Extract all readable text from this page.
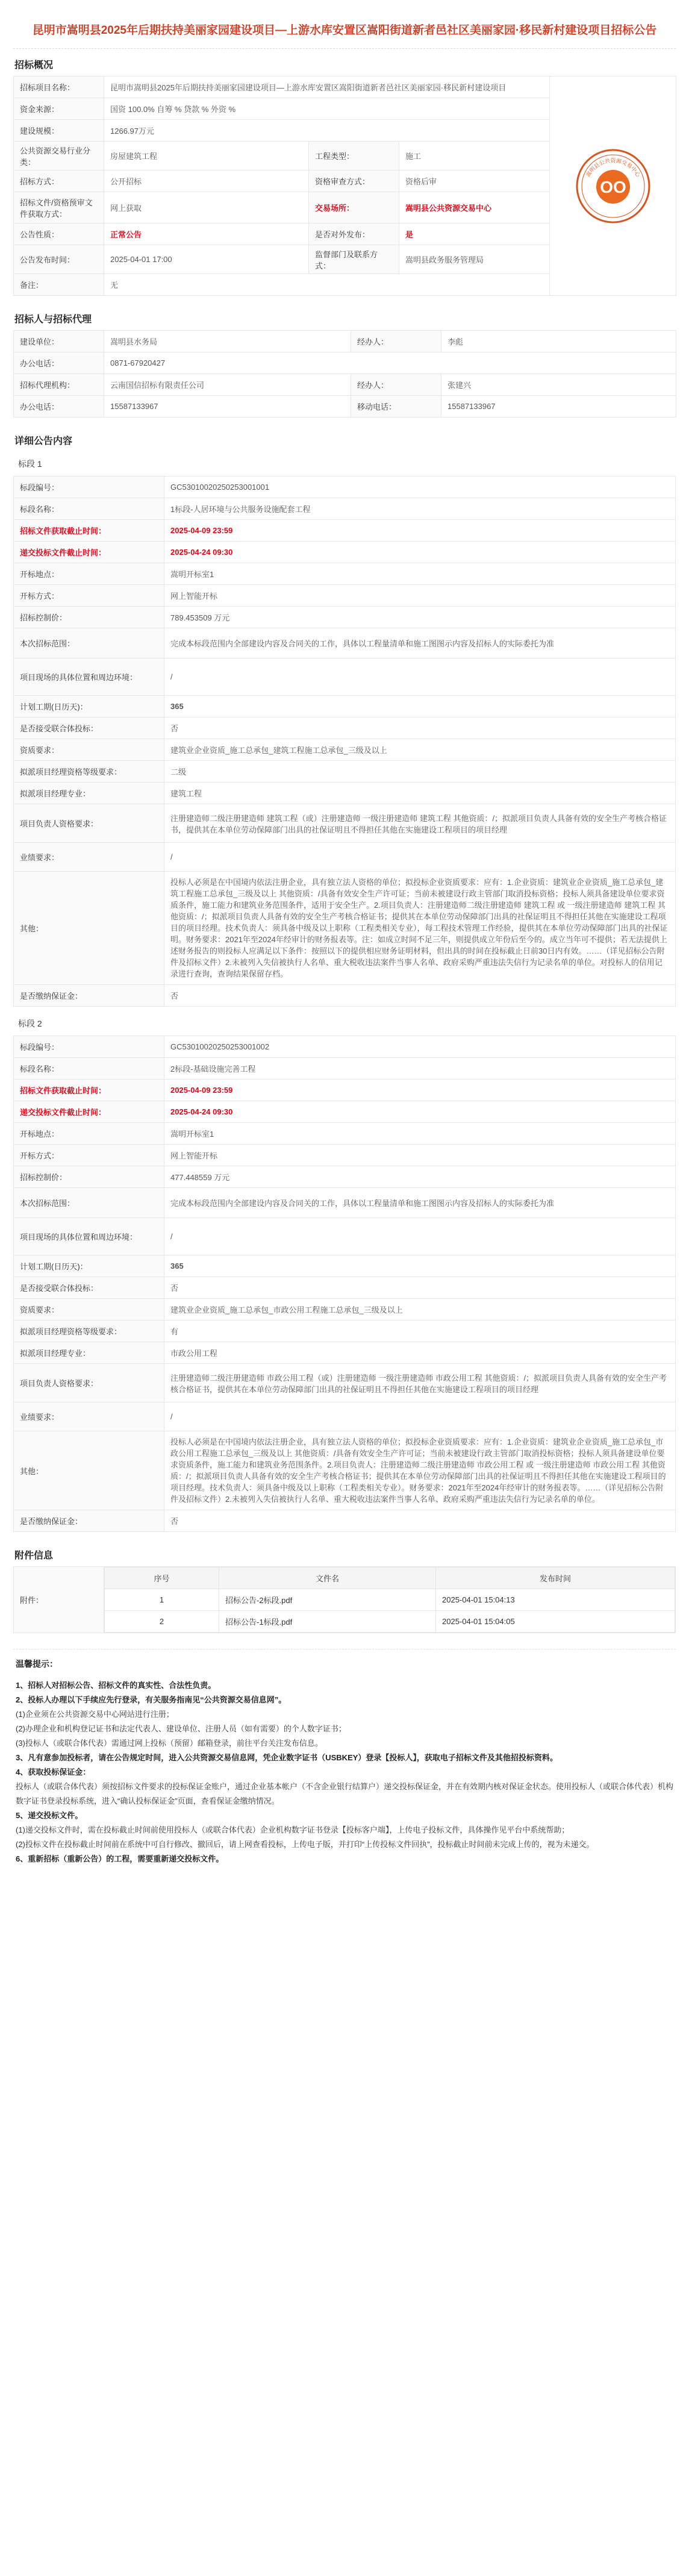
昆明市嵩明县2025年后期扶持美丽家园建设项目—上游水库安置区嵩阳街道新者邑社区美丽家园·移民新村建设项目招标公告
招标概况
招标项目名称：	昆明市嵩明县2025年后期扶持美丽家园建设项目—上游水库安置区嵩阳街道新者邑社区美丽家园·移民新村建设项目			OO
嵩明县公共资源交易中心

资金来源：	国资 100.0% 自筹 % 贷款 % 外资 %			
建设规模：	1266.97万元			
公共资源交易行业分类：	房屋建筑工程	工程类型：	施工	
招标方式：	公开招标	资格审查方式：	资格后审	
招标文件/资格预审文件获取方式：	网上获取	交易场所：	嵩明县公共资源交易中心	
公告性质：	正常公告	是否对外发布：	是	
公告发布时间：	2025-04-01 17:00	监督部门及联系方式：	嵩明县政务服务管理局	
备注：	无			
招标人与招标代理
建设单位：	嵩明县水务局	经办人：	李彪
办公电话：	0871-67920427		
招标代理机构：	云南国信招标有限责任公司	经办人：	张建兴
办公电话：	15587133967	移动电话：	15587133967
详细公告内容
标段 1
标段编号：	GC53010020250253001001
标段名称：	1标段-人居环境与公共服务设施配套工程
招标文件获取截止时间：	2025-04-09 23:59
递交投标文件截止时间：	2025-04-24 09:30
开标地点：	嵩明开标室1
开标方式：	网上智能开标
招标控制价：	789.453509 万元
本次招标范围：	完成本标段范围内全部建设内容及合同关的工作，具体以工程量清单和施工图图示内容及招标人的实际委托为准
项目现场的具体位置和周边环境：	/
计划工期(日历天)：	365
是否接受联合体投标：	否
资质要求：	建筑业企业资质_施工总承包_建筑工程施工总承包_三级及以上
拟派项目经理资格等级要求：	二级
拟派项目经理专业：	建筑工程
项目负责人资格要求：	注册建造师二级注册建造师 建筑工程（或）注册建造师 一级注册建造师 建筑工程 其他资质：/；拟派项目负责人具备有效的安全生产考核合格证书，提供其在本单位劳动保障部门出具的社保证明且不得担任其他在实施建设工程项目的项目经理
业绩要求：	/
其他：	投标人必须是在中国境内依法注册企业，具有独立法人资格的单位；拟投标企业资质要求：应有：1.企业资质：建筑业企业资质_施工总承包_建筑工程施工总承包_三级及以上 其他资质：/具备有效安全生产许可证；当前未被建设行政主管部门取消投标资格；投标人须具备建设单位要求资质条件，施工能力和建筑业务范围条件，适用于安全生产。2.项目负责人：注册建造师二级注册建造师 建筑工程 或 一级注册建造师 建筑工程 其他资质：/；拟派项目负责人具备有效的安全生产考核合格证书；提供其在本单位劳动保障部门出具的社保证明且不得担任其他在实施建设工程项目的项目经理。技术负责人：须具备中级及以上职称（工程类相关专业），每工程技术管理工作经验，提供其在本单位劳动保障部门出具的社保证明。财务要求：2021年至2024年经审计的财务报表等。注：如成立时间不足三年，则提供成立年份后至今的。成立当年可不提供；若无法提供上述财务报告的则投标人应满足以下条件：按照以下的提供相应财务证明材料，但出具的时间在投标截止日前30日内有效。……（详见招标公告附件及招标文件）2.未被列入失信被执行人名单、重大税收违法案件当事人名单、政府采购严重违法失信行为记录名单的单位。对投标人的信用记录进行查询，查询结果保留存档。
是否缴纳保证金：	否
标段 2
标段编号：	GC53010020250253001002
标段名称：	2标段-基础设施完善工程
招标文件获取截止时间：	2025-04-09 23:59
递交投标文件截止时间：	2025-04-24 09:30
开标地点：	嵩明开标室1
开标方式：	网上智能开标
招标控制价：	477.448559 万元
本次招标范围：	完成本标段范围内全部建设内容及合同关的工作，具体以工程量清单和施工图图示内容及招标人的实际委托为准
项目现场的具体位置和周边环境：	/
计划工期(日历天)：	365
是否接受联合体投标：	否
资质要求：	建筑业企业资质_施工总承包_市政公用工程施工总承包_三级及以上
拟派项目经理资格等级要求：	有
拟派项目经理专业：	市政公用工程
项目负责人资格要求：	注册建造师二级注册建造师 市政公用工程（或）注册建造师 一级注册建造师 市政公用工程 其他资质：/；拟派项目负责人具备有效的安全生产考核合格证书，提供其在本单位劳动保障部门出具的社保证明且不得担任其他在实施建设工程项目的项目经理
业绩要求：	/
其他：	投标人必须是在中国境内依法注册企业，具有独立法人资格的单位；拟投标企业资质要求：应有：1.企业资质：建筑业企业资质_施工总承包_市政公用工程施工总承包_三级及以上 其他资质：/具备有效安全生产许可证；当前未被建设行政主管部门取消投标资格；投标人须具备建设单位要求资质条件，施工能力和建筑业务范围条件。2.项目负责人：注册建造师二级注册建造师 市政公用工程 或 一级注册建造师 市政公用工程 其他资质：/；拟派项目负责人具备有效的安全生产考核合格证书；提供其在本单位劳动保障部门出具的社保证明且不得担任其他在实施建设工程项目的项目经理。技术负责人：须具备中级及以上职称（工程类相关专业）。财务要求：2021年至2024年经审计的财务报表等。……（详见招标公告附件及招标文件）2.未被列入失信被执行人名单、重大税收违法案件当事人名单、政府采购严重违法失信行为记录名单的单位。
是否缴纳保证金：	否
附件信息
附件：	
序号	文件名	发布时间
1	招标公告-2标段.pdf	2025-04-01 15:04:13
2	招标公告-1标段.pdf	2025-04-01 15:04:05
温馨提示：

1、招标人对招标公告、招标文件的真实性、合法性负责。

2、投标人办理以下手续应先行登录，有关服务指南见“公共资源交易信息网”。

(1)企业须在公共资源交易中心网站进行注册；

(2)办理企业和机构登记证书和法定代表人、建设单位、注册人员（如有需要）的个人数字证书；

(3)投标人（或联合体代表）需通过网上投标（预留）邮箱登录，前往平台关注发布信息。

3、凡有意参加投标者，请在公告规定时间，进入公共资源交易信息网，凭企业数字证书（USBKEY）登录【投标人】，获取电子招标文件及其他招投标资料。

4、获取投标保证金：

投标人（或联合体代表）须按招标文件要求的投标保证金账户，通过企业基本帐户（不含企业银行结算户）递交投标保证金，并在有效期内核对保证金状态。使用投标人（或联合体代表）机构数字证书登录投标系统，进入“确认投标保证金”页面，查看保证金缴纳情况。

5、递交投标文件。

(1)递交投标文件时，需在投标截止时间前使用投标人（或联合体代表）企业机构数字证书登录【投标客户端】，上传电子投标文件，具体操作见平台中系统帮助；

(2)投标文件在投标截止时间前在系统中可自行修改、撤回后，请上网查看投标，上传电子版，并打印“上传投标文件回执”，投标截止时间前未完成上传的，视为未递交。

6、重新招标（重新公告）的工程，需要重新递交投标文件。
